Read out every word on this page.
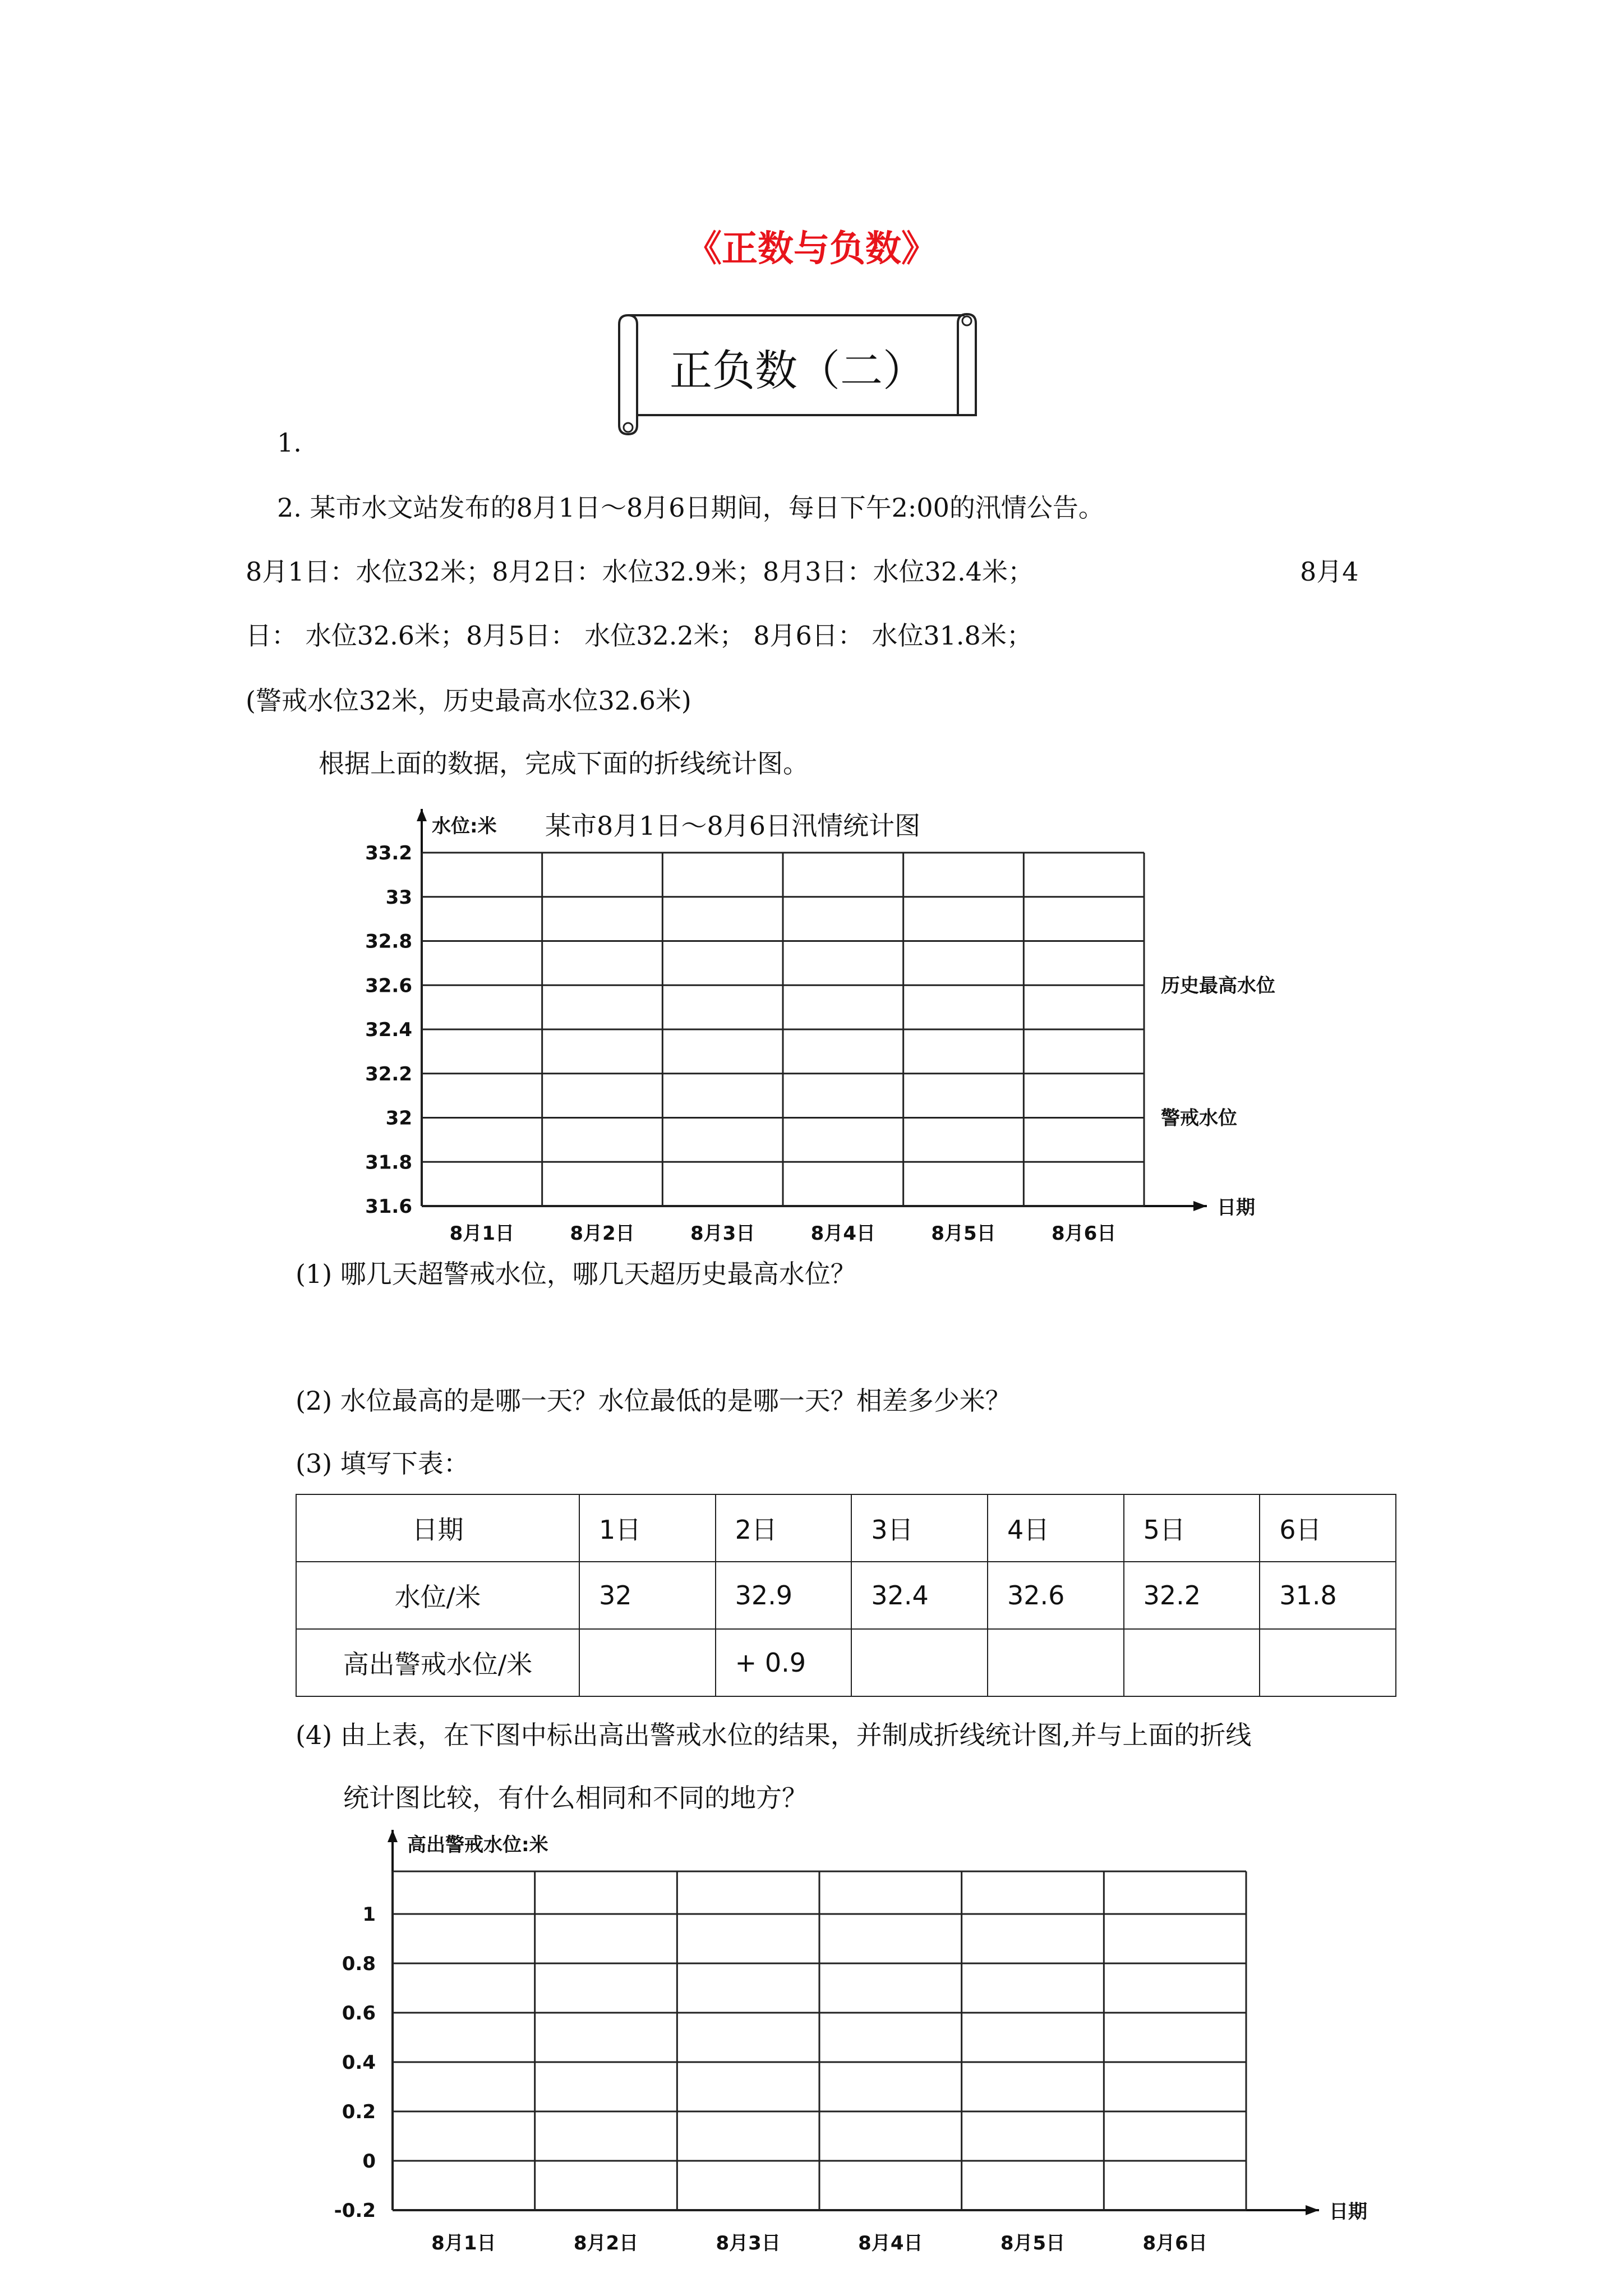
《正数与负数》
正负数（二）
1.
2. 某市水文站发布的8月1日～8月6日期间，每日下午2:00的汛情公告。
8月1日：水位32米；8月2日：水位32.9米；8月3日：水位32.4米；	8月4
日： 水位32.6米；8月5日： 水位32.2米； 8月6日： 水位31.8米；
(警戒水位32米，历史最高水位32.6米)
根据上面的数据，完成下面的折线统计图。
33.2
33
32.8
32.6
32.4
32.2
32
31.8
31.6
8月1日	8月2日	8月3日	8月4日	8月5日	8月6日
水位:米
日期
某市8月1日～8月6日汛情统计图
历史最高水位
警戒水位
(1) 哪几天超警戒水位，哪几天超历史最高水位？
(2) 水位最高的是哪一天？水位最低的是哪一天？相差多少米？
(3) 填写下表：
日期	1日	2日	3日	4日	5日	6日
水位/米	32	32.9	32.4	32.6	32.2	31.8
高出警戒水位/米		+ 0.9				
(4) 由上表，在下图中标出高出警戒水位的结果，并制成折线统计图,并与上面的折线
统计图比较，有什么相同和不同的地方？
1
0.8
0.6
0.4
0.2
0
-0.2
8月1日	8月2日	8月3日	8月4日	8月5日	8月6日
高出警戒水位:米
日期
